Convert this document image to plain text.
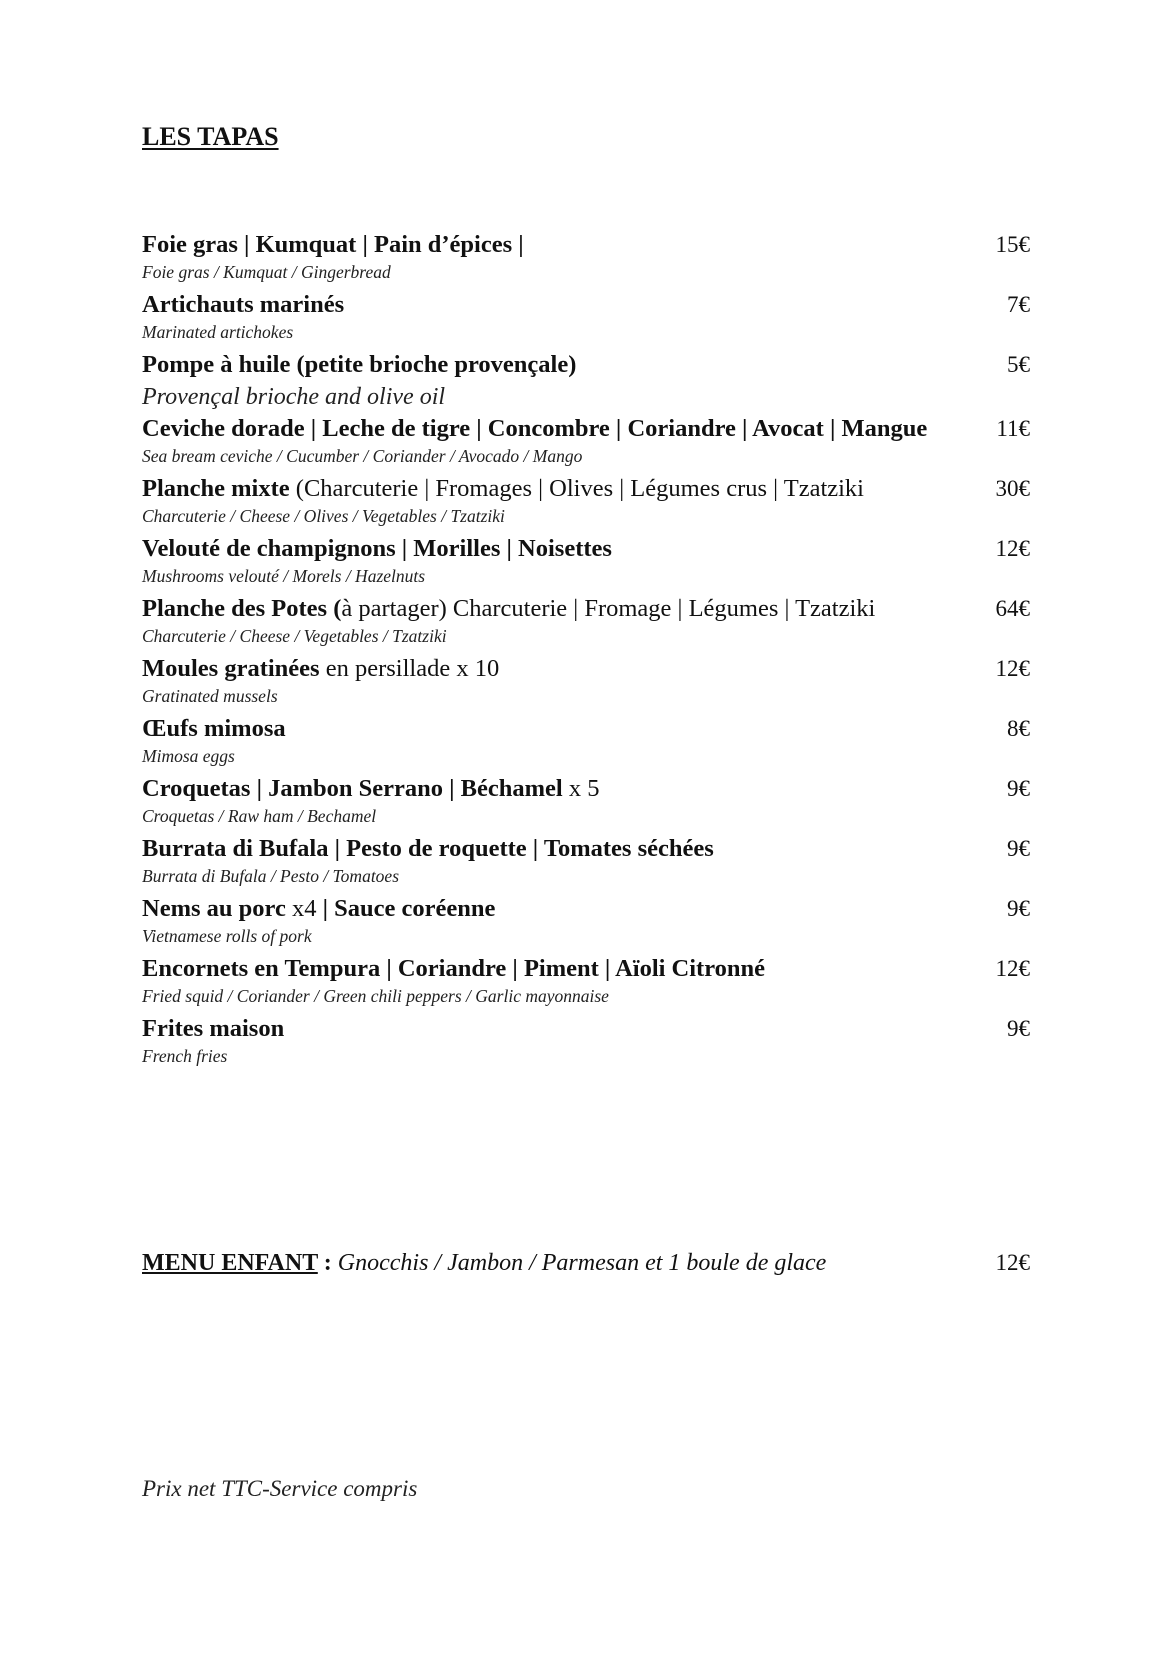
LES TAPAS
Foie gras | Kumquat | Pain d’épices |	15€
Foie gras / Kumquat / Gingerbread
Artichauts marinés	7€
Marinated artichokes
Pompe à huile (petite brioche provençale)	5€
Provençal brioche and olive oil
Ceviche dorade | Leche de tigre | Concombre | Coriandre | Avocat | Mangue	11€
Sea bream ceviche / Cucumber / Coriander / Avocado / Mango
Planche mixte (Charcuterie | Fromages | Olives | Légumes crus | Tzatziki	30€
Charcuterie / Cheese / Olives / Vegetables / Tzatziki
Velouté de champignons | Morilles | Noisettes	12€
Mushrooms velouté / Morels / Hazelnuts
Planche des Potes (à partager) Charcuterie | Fromage | Légumes | Tzatziki	64€
Charcuterie / Cheese / Vegetables / Tzatziki
Moules gratinées en persillade x 10	12€
Gratinated mussels
Œufs mimosa	8€
Mimosa eggs
Croquetas | Jambon Serrano | Béchamel x 5	9€
Croquetas / Raw ham / Bechamel
Burrata di Bufala | Pesto de roquette | Tomates séchées	9€
Burrata di Bufala / Pesto / Tomatoes
Nems au porc x4 | Sauce coréenne	9€
Vietnamese rolls of pork
Encornets en Tempura | Coriandre | Piment | Aïoli Citronné	12€
Fried squid / Coriander / Green chili peppers / Garlic mayonnaise
Frites maison	9€
French fries
MENU ENFANT : Gnocchis / Jambon / Parmesan et 1 boule de glace	12€
Prix net TTC-Service compris
